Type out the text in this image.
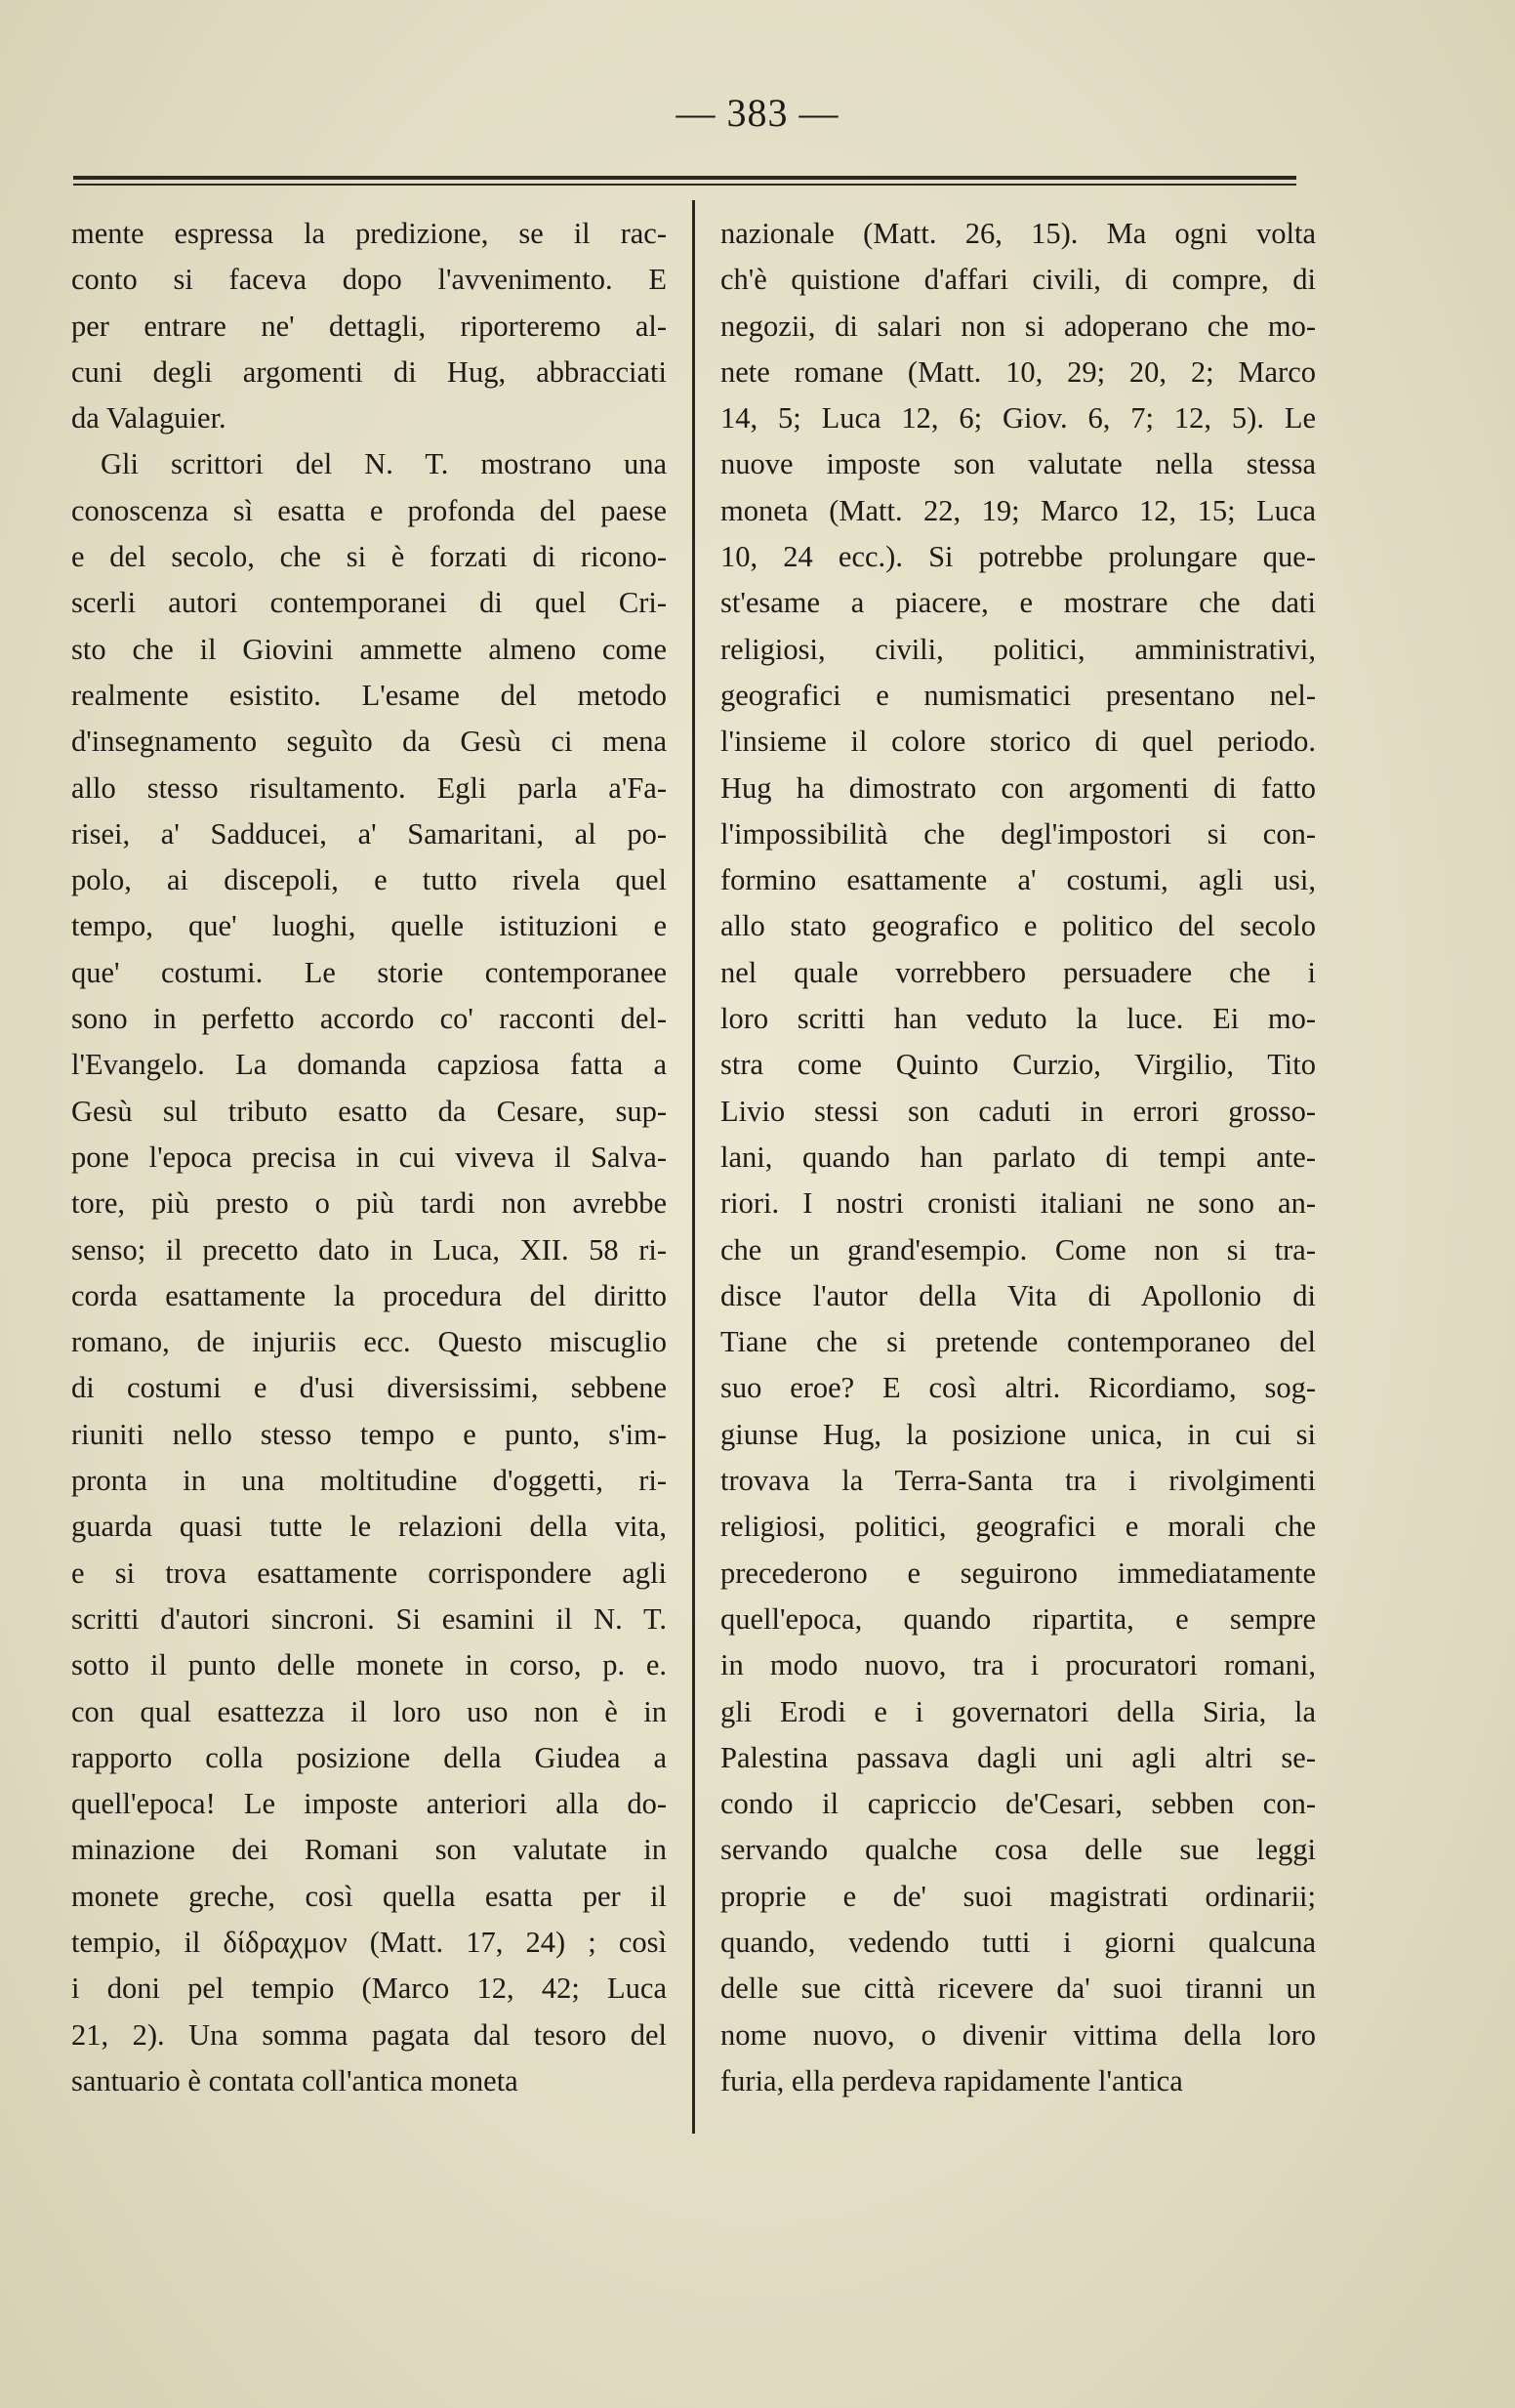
— 383 —
mente espressa la predizione, se il rac-
conto si faceva dopo l'avvenimento. E
per entrare ne' dettagli, riporteremo al-
cuni degli argomenti di Hug, abbracciati
da Valaguier.
Gli scrittori del N. T. mostrano una
conoscenza sì esatta e profonda del paese
e del secolo, che si è forzati di ricono-
scerli autori contemporanei di quel Cri-
sto che il Giovini ammette almeno come
realmente esistito. L'esame del metodo
d'insegnamento seguìto da Gesù ci mena
allo stesso risultamento. Egli parla a'Fa-
risei, a' Sadducei, a' Samaritani, al po-
polo, ai discepoli, e tutto rivela quel
tempo, que' luoghi, quelle istituzioni e
que' costumi. Le storie contemporanee
sono in perfetto accordo co' racconti del-
l'Evangelo. La domanda capziosa fatta a
Gesù sul tributo esatto da Cesare, sup-
pone l'epoca precisa in cui viveva il Salva-
tore, più presto o più tardi non avrebbe
senso; il precetto dato in Luca, XII. 58 ri-
corda esattamente la procedura del diritto
romano, de injuriis ecc. Questo miscuglio
di costumi e d'usi diversissimi, sebbene
riuniti nello stesso tempo e punto, s'im-
pronta in una moltitudine d'oggetti, ri-
guarda quasi tutte le relazioni della vita,
e si trova esattamente corrispondere agli
scritti d'autori sincroni. Si esamini il N. T.
sotto il punto delle monete in corso, p. e.
con qual esattezza il loro uso non è in
rapporto colla posizione della Giudea a
quell'epoca! Le imposte anteriori alla do-
minazione dei Romani son valutate in
monete greche, così quella esatta per il
tempio, il δίδραχμον (Matt. 17, 24) ; così
i doni pel tempio (Marco 12, 42; Luca
21, 2). Una somma pagata dal tesoro del
santuario è contata coll'antica moneta
nazionale (Matt. 26, 15). Ma ogni volta
ch'è quistione d'affari civili, di compre, di
negozii, di salari non si adoperano che mo-
nete romane (Matt. 10, 29; 20, 2; Marco
14, 5; Luca 12, 6; Giov. 6, 7; 12, 5). Le
nuove imposte son valutate nella stessa
moneta (Matt. 22, 19; Marco 12, 15; Luca
10, 24 ecc.). Si potrebbe prolungare que-
st'esame a piacere, e mostrare che dati
religiosi, civili, politici, amministrativi,
geografici e numismatici presentano nel-
l'insieme il colore storico di quel periodo.
Hug ha dimostrato con argomenti di fatto
l'impossibilità che degl'impostori si con-
formino esattamente a' costumi, agli usi,
allo stato geografico e politico del secolo
nel quale vorrebbero persuadere che i
loro scritti han veduto la luce. Ei mo-
stra come Quinto Curzio, Virgilio, Tito
Livio stessi son caduti in errori grosso-
lani, quando han parlato di tempi ante-
riori. I nostri cronisti italiani ne sono an-
che un grand'esempio. Come non si tra-
disce l'autor della Vita di Apollonio di
Tiane che si pretende contemporaneo del
suo eroe? E così altri. Ricordiamo, sog-
giunse Hug, la posizione unica, in cui si
trovava la Terra-Santa tra i rivolgimenti
religiosi, politici, geografici e morali che
precederono e seguirono immediatamente
quell'epoca, quando ripartita, e sempre
in modo nuovo, tra i procuratori romani,
gli Erodi e i governatori della Siria, la
Palestina passava dagli uni agli altri se-
condo il capriccio de'Cesari, sebben con-
servando qualche cosa delle sue leggi
proprie e de' suoi magistrati ordinarii;
quando, vedendo tutti i giorni qualcuna
delle sue città ricevere da' suoi tiranni un
nome nuovo, o divenir vittima della loro
furia, ella perdeva rapidamente l'antica
